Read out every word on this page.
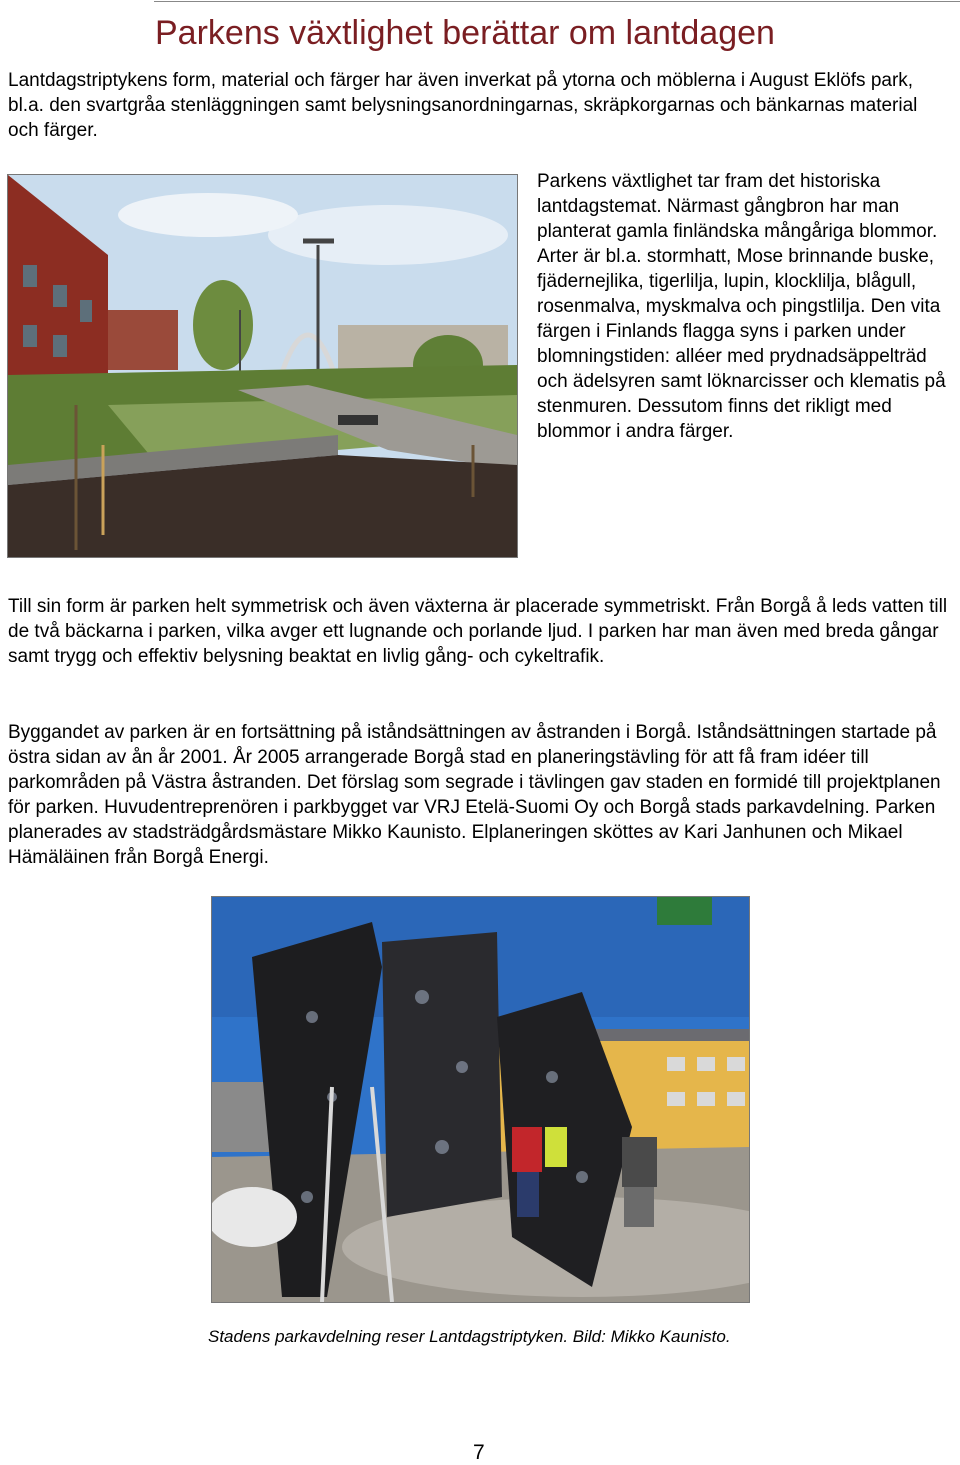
Parkens växtlighet berättar om lantdagen

Lantdagstriptykens form, material och färger har även inverkat på ytorna och möblerna i August Eklöfs park, bl.a. den svartgråa stenläggningen samt belysningsanordningarnas, skräpkorgarnas och bänkarnas material och färger.

Parkens växtlighet tar fram det historiska lantdagstemat. Närmast gångbron har man planterat gamla finländska mångåriga blommor. Arter är bl.a. stormhatt, Mose brinnande buske, fjädernejlika, tigerlilja, lupin, klocklilja, blågull, rosenmalva, myskmalva och pingstlilja. Den vita färgen i Finlands flagga syns i parken under blomningstiden: alléer med prydnadsäppelträd och ädelsyren samt löknarcisser och klematis på stenmuren. Dessutom finns det rikligt med blommor i andra färger.

Till sin form är parken helt symmetrisk och även växterna är placerade symmetriskt. Från Borgå å leds vatten till de två bäckarna i parken, vilka avger ett lugnande och porlande ljud. I parken har man även med breda gångar samt trygg och effektiv belysning beaktat en livlig gång- och cykeltrafik.

Byggandet av parken är en fortsättning på iståndsättningen av åstranden i Borgå. Iståndsättningen startade på östra sidan av ån år 2001. År 2005 arrangerade Borgå stad en planeringstävling för att få fram idéer till parkområden på Västra åstranden. Det förslag som segrade i tävlingen gav staden en formidé till projektplanen för parken. Huvudentreprenören i parkbygget var VRJ Etelä-Suomi Oy och Borgå stads parkavdelning. Parken planerades av stadsträdgårdsmästare Mikko Kaunisto. Elplaneringen sköttes av Kari Janhunen och Mikael Hämäläinen från Borgå Energi.

Stadens parkavdelning reser Lantdagstriptyken. Bild: Mikko Kaunisto.

7
